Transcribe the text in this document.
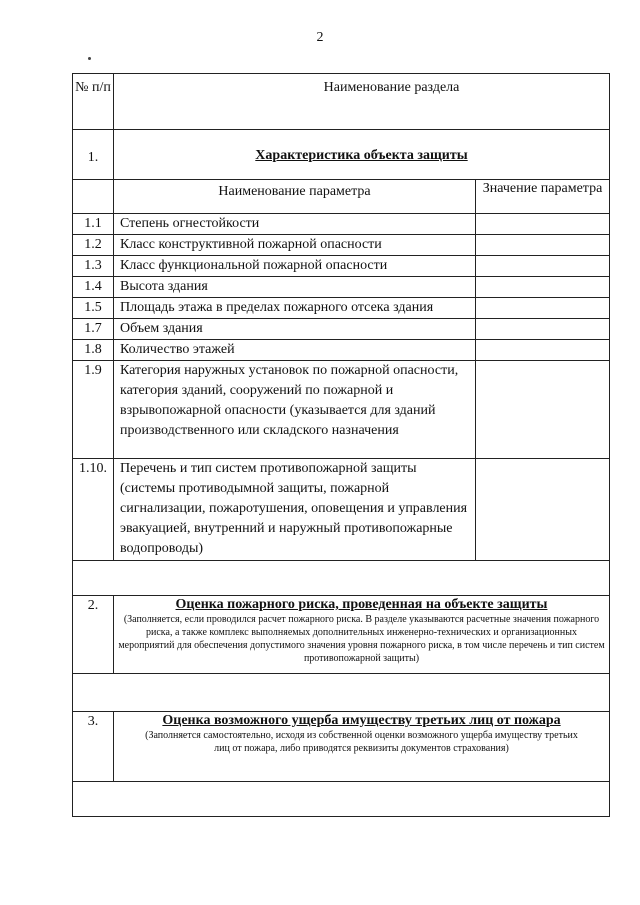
2
№ п/п	Наименование раздела	
1.	Характеристика объекта защиты	
	Наименование параметра	Значение параметра
1.1	Степень огнестойкости	
1.2	Класс конструктивной пожарной опасности	
1.3	Класс функциональной пожарной опасности	
1.4	Высота здания	
1.5	Площадь этажа в пределах пожарного отсека здания	
1.7	Объем здания	
1.8	Количество этажей	
1.9	Категория наружных установок по пожарной опасности, категория зданий, сооружений по пожарной и взрывопожарной опасности (указывается для зданий производственного или складского назначения	
1.10.	Перечень и тип систем противопожарной защиты (системы противодымной защиты, пожарной сигнализации, пожаротушения, оповещения и управления эвакуацией, внутренний и наружный противопожарные водопроводы)	

2.	Оценка пожарного риска, проведенная на объекте защиты
(Заполняется, если проводился расчет пожарного риска. В разделе указываются расчетные значения пожарного риска, а также комплекс выполняемых дополнительных инженерно-технических и организационных мероприятий для обеспечения допустимого значения уровня пожарного риска, в том числе перечень и тип систем противопожарной защиты)	

3.	Оценка возможного ущерба имуществу третьих лиц от пожара
(Заполняется самостоятельно, исходя из собственной оценки возможного ущерба имуществу третьих лиц от пожара, либо приводятся реквизиты документов страхования)	
